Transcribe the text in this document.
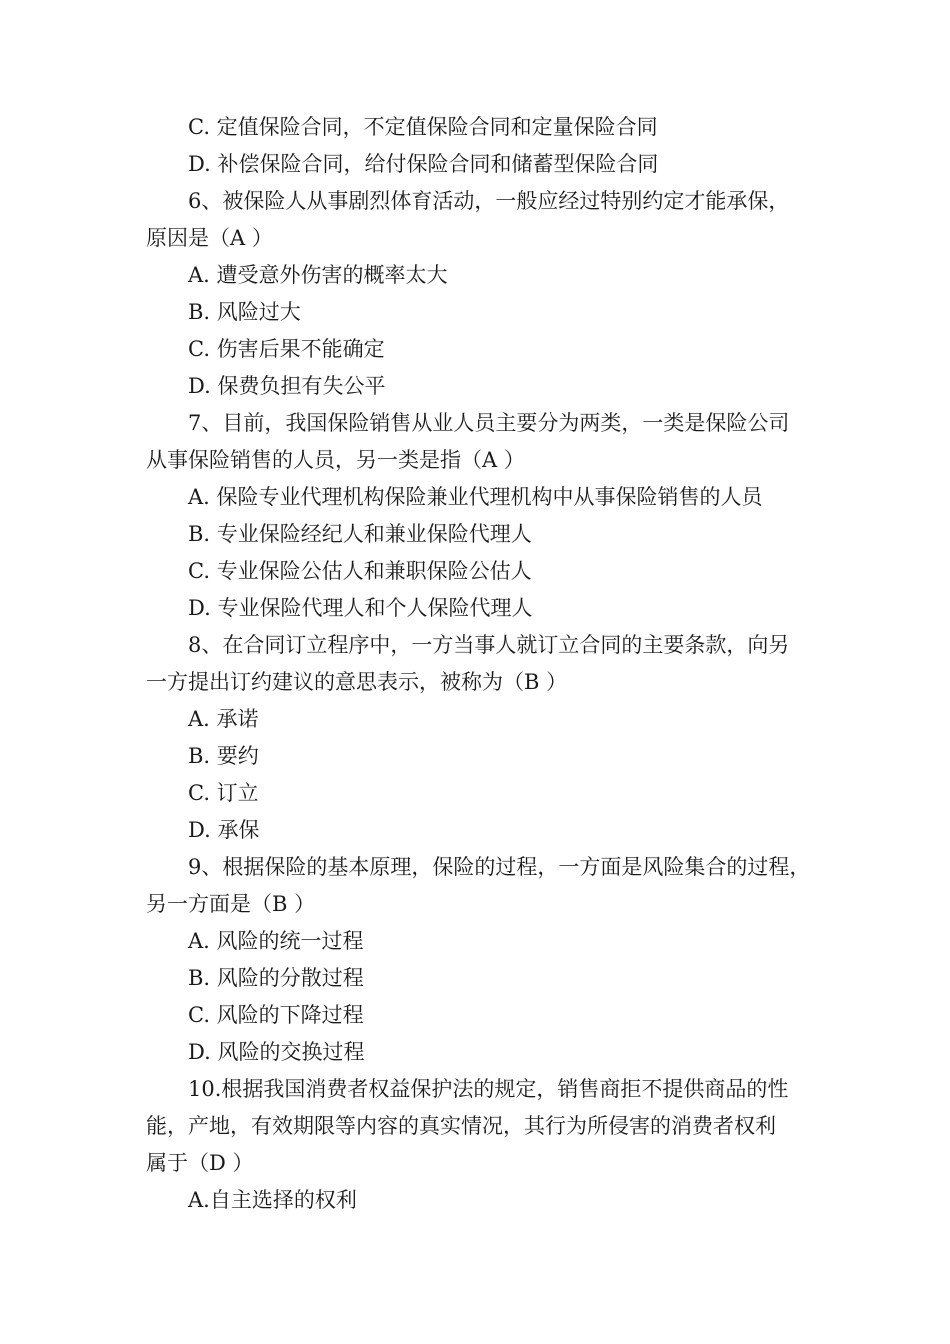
C. 定值保险合同，不定值保险合同和定量保险合同
D. 补偿保险合同，给付保险合同和储蓄型保险合同
6、被保险人从事剧烈体育活动，一般应经过特别约定才能承保，
原因是（A ）
A. 遭受意外伤害的概率太大
B. 风险过大
C. 伤害后果不能确定
D. 保费负担有失公平
7、目前，我国保险销售从业人员主要分为两类，一类是保险公司
从事保险销售的人员，另一类是指（A ）
A. 保险专业代理机构保险兼业代理机构中从事保险销售的人员
B. 专业保险经纪人和兼业保险代理人
C. 专业保险公估人和兼职保险公估人
D. 专业保险代理人和个人保险代理人
8、在合同订立程序中，一方当事人就订立合同的主要条款，向另
一方提出订约建议的意思表示，被称为（B ）
A. 承诺
B. 要约
C. 订立
D. 承保
9、根据保险的基本原理，保险的过程，一方面是风险集合的过程，
另一方面是（B ）
A. 风险的统一过程
B. 风险的分散过程
C. 风险的下降过程
D. 风险的交换过程
10.根据我国消费者权益保护法的规定，销售商拒不提供商品的性
能，产地，有效期限等内容的真实情况，其行为所侵害的消费者权利
属于（D ）
A.自主选择的权利
